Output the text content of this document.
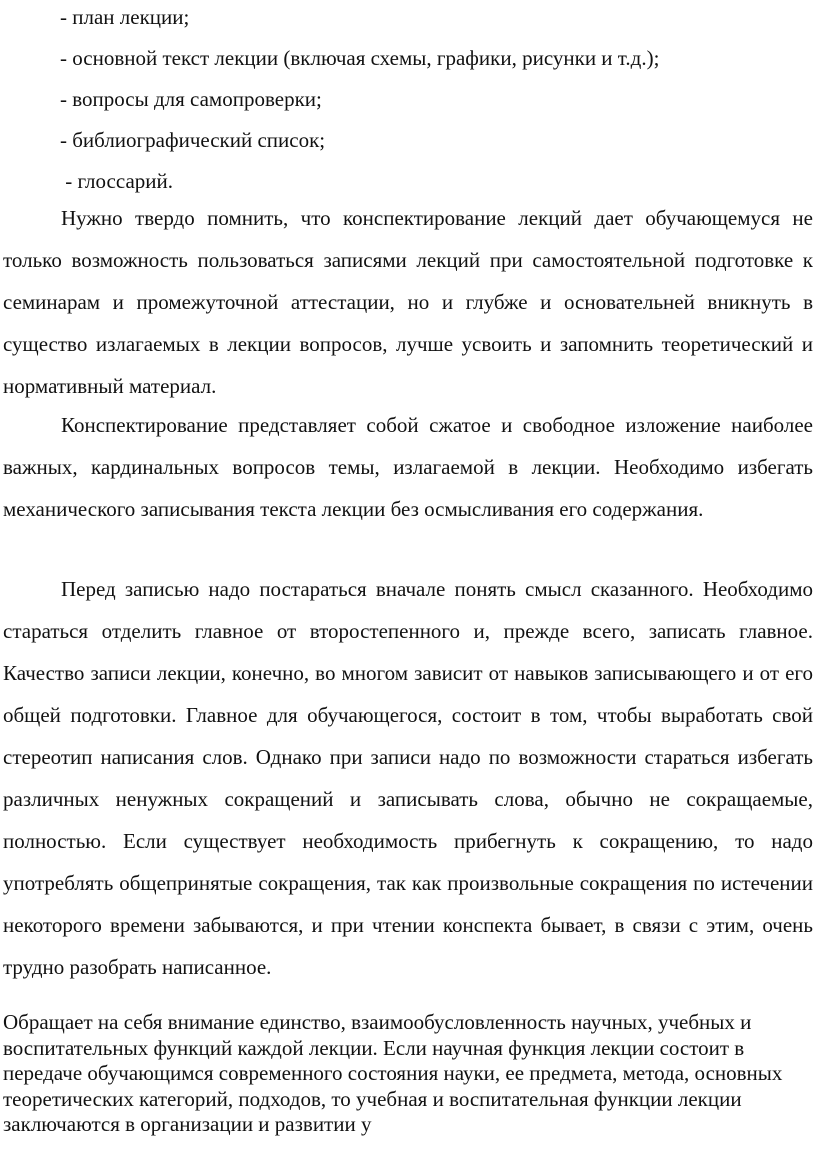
- план лекции;
- основной текст лекции (включая схемы, графики, рисунки и т.д.);
- вопросы для самопроверки;
- библиографический список;
- глоссарий.

Нужно твердо помнить, что конспектирование лекций дает обучающемуся не только возможность пользоваться записями лекций при самостоятельной подготовке к семинарам и промежуточной аттестации, но и глубже и основательней вникнуть в существо излагаемых в лекции вопросов, лучше усвоить и запомнить теоретический и нормативный материал.

Конспектирование представляет собой сжатое и свободное изложение наиболее важных, кардинальных вопросов темы, излагаемой в лекции. Необходимо избегать механического записывания текста лекции без осмысливания его содержания.

Перед записью надо постараться вначале понять смысл сказанного. Необходимо стараться отделить главное от второстепенного и, прежде всего, записать главное. Качество записи лекции, конечно, во многом зависит от навыков записывающего и от его общей подготовки. Главное для обучающегося, состоит в том, чтобы выработать свой стереотип написания слов. Однако при записи надо по возможности стараться избегать различных ненужных сокращений и записывать слова, обычно не сокращаемые, полностью. Если существует необходимость прибегнуть к сокращению, то надо употреблять общепринятые сокращения, так как произвольные сокращения по истечении некоторого времени забываются, и при чтении конспекта бывает, в связи с этим, очень трудно разобрать написанное.

Обращает на себя внимание единство, взаимообусловленность научных, учебных и воспитательных функций каждой лекции. Если научная функция лекции состоит в передаче обучающимся современного состояния науки, ее предмета, метода, основных теоретических категорий, подходов, то учебная и воспитательная функции лекции заключаются в организации и развитии у
